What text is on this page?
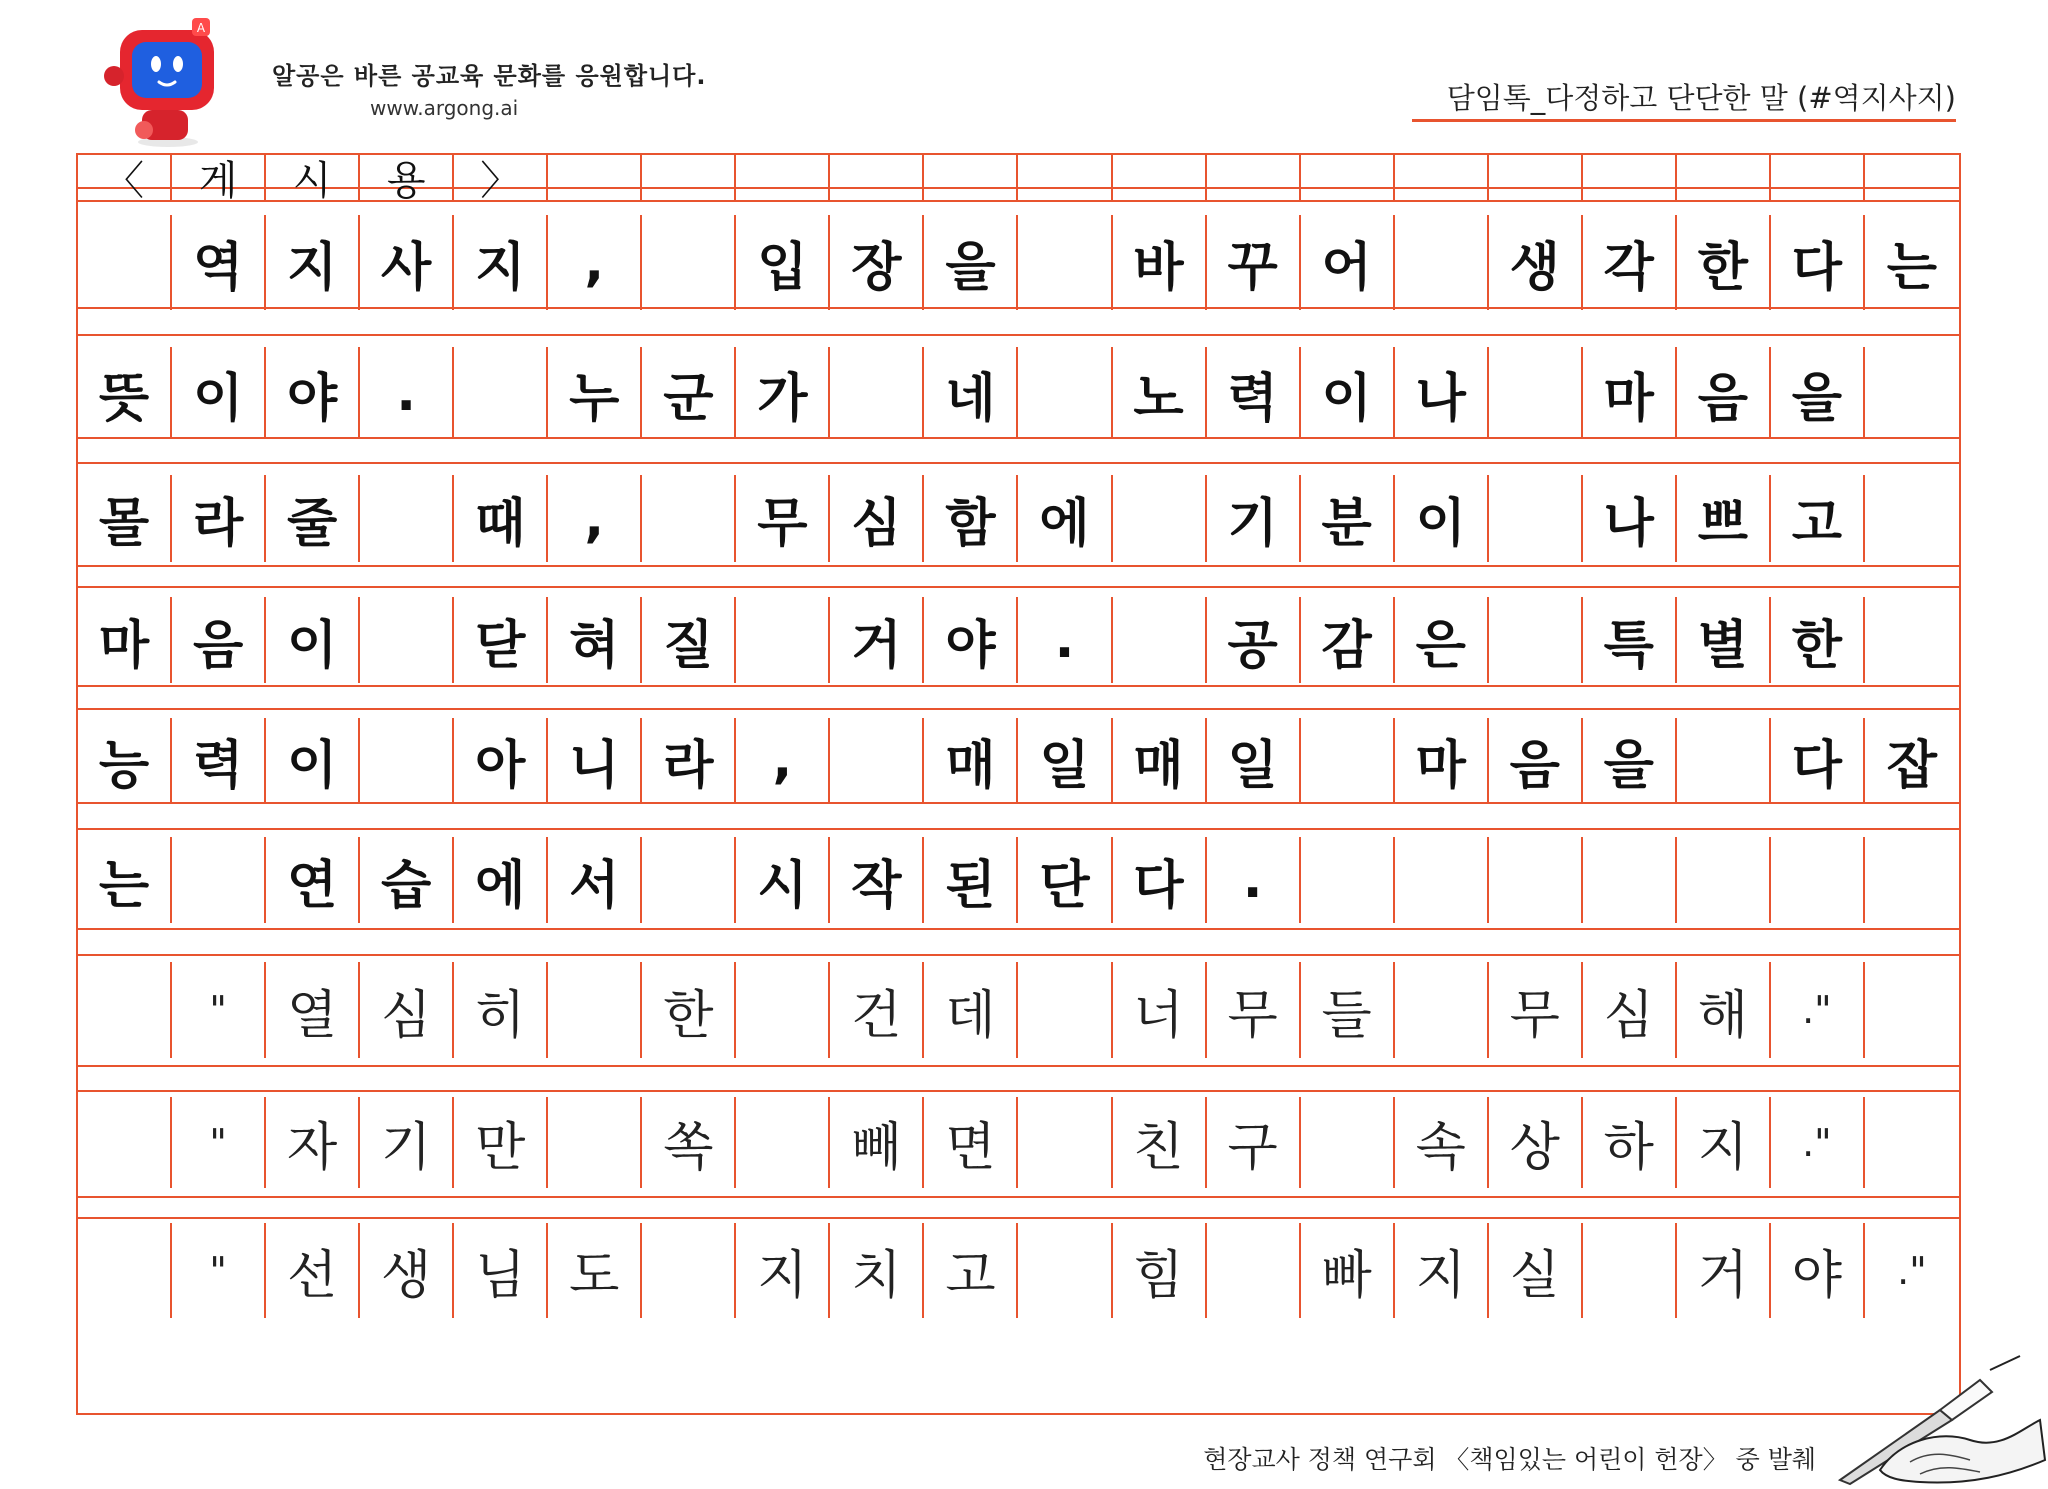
A
알공은 바른 공교육 문화를 응원합니다.
www.argong.ai	담임톡_다정하고 단단한 말 (#역지사지)
〈	게	시	용	〉
역 지 사 지	,	입 장 을	바 꾸 어	생 각 한 다 는
뜻 이 야	.	누 군 가	네	노 력 이 나	마 음 을
몰 라 줄	때	,	무 심 함 에	기 분 이	나 쁘 고
마 음 이	닫 혀 질	거 야	.	공 감 은	특 별 한
능 력 이	아 니 라	,	매 일 매 일	마 음 을	다 잡
는	연 습 에 서	시 작 된 단 다	.
"	열 심 히	한	건 데	너 무 들	무 심 해	."
"	자 기 만	쏙	빼 면	친 구	속 상 하 지	."
"	선 생 님 도	지 치 고	힘	빠 지 실	거 야	."
현장교사 정책 연구회 〈책임있는 어린이 헌장〉 중 발췌
